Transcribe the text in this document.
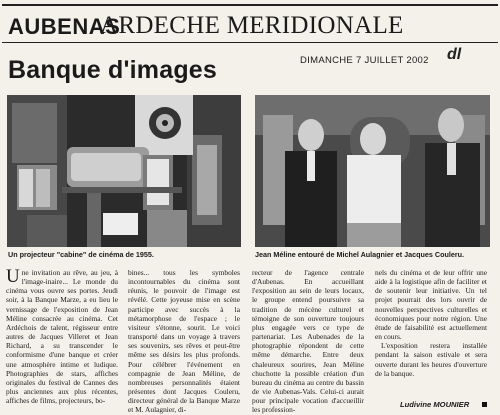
AUBENAS
ARDECHE MERIDIONALE
Banque d'images	DIMANCHE 7 JUILLET 2002 dl
Un projecteur "cabine" de cinéma de 1955.	Jean Méline entouré de Michel Aulagnier et Jacques Couleru.

Une invitation au rêve, au jeu, à l'image-inaire... Le monde du cinéma vous ouvre ses portes. Jeudi soir, à la Banque Marze, a eu lieu le vernissage de l'exposition de Jean Méline consacrée au cinéma. Cet Ardéchois de talent, régisseur entre autres de Jacques Villeret et Jean Richard, a su transcender le conformisme d'une banque et créer une atmosphère intime et ludique. Photographies de stars, affiches originales du festival de Cannes des plus anciennes aux plus récentes, affiches de films, projecteurs, bo-

bines... tous les symboles incontournables du cinéma sont réunis, le pouvoir de l'image est révélé. Cette joyeuse mise en scène participe avec succès à la métamorphose de l'espace ; le visiteur s'étonne, sourit. Le voici transporté dans un voyage à travers ses souvenirs, ses rêves et peut-être même ses désirs les plus profonds. Pour célébrer l'événement en compagnie de Jean Méline, de nombreuses personnalités étaient présentes dont Jacques Couleru, directeur général de la Banque Marze et M. Aulagnier, di-

recteur de l'agence centrale d'Aubenas. En accueillant l'exposition au sein de leurs locaux, le groupe entend poursuivre sa tradition de mécène culturel et témoigne de son ouverture toujours plus engagée vers ce type de partenariat. Les Aubenades de la photographie répondent de cette même démarche. Entre deux chaleureux sourires, Jean Méline chuchotte la possible création d'un bureau du cinéma au centre du bassin de vie Aubenas-Vals. Celui-ci aurait pour principale vocation d'accueillir les profession-

nels du cinéma et de leur offrir une aide à la logistique afin de faciliter et de soutenir leur initiative. Un tel projet pourrait des lors ouvrir de nouvelles perspectives culturelles et économiques pour notre région. Une étude de faisabilité est actuellement en cours.

L'exposition restera installée pendant la saison estivale et sera ouverte durant les heures d'ouverture de la banque.

Ludivine MOUNIER
